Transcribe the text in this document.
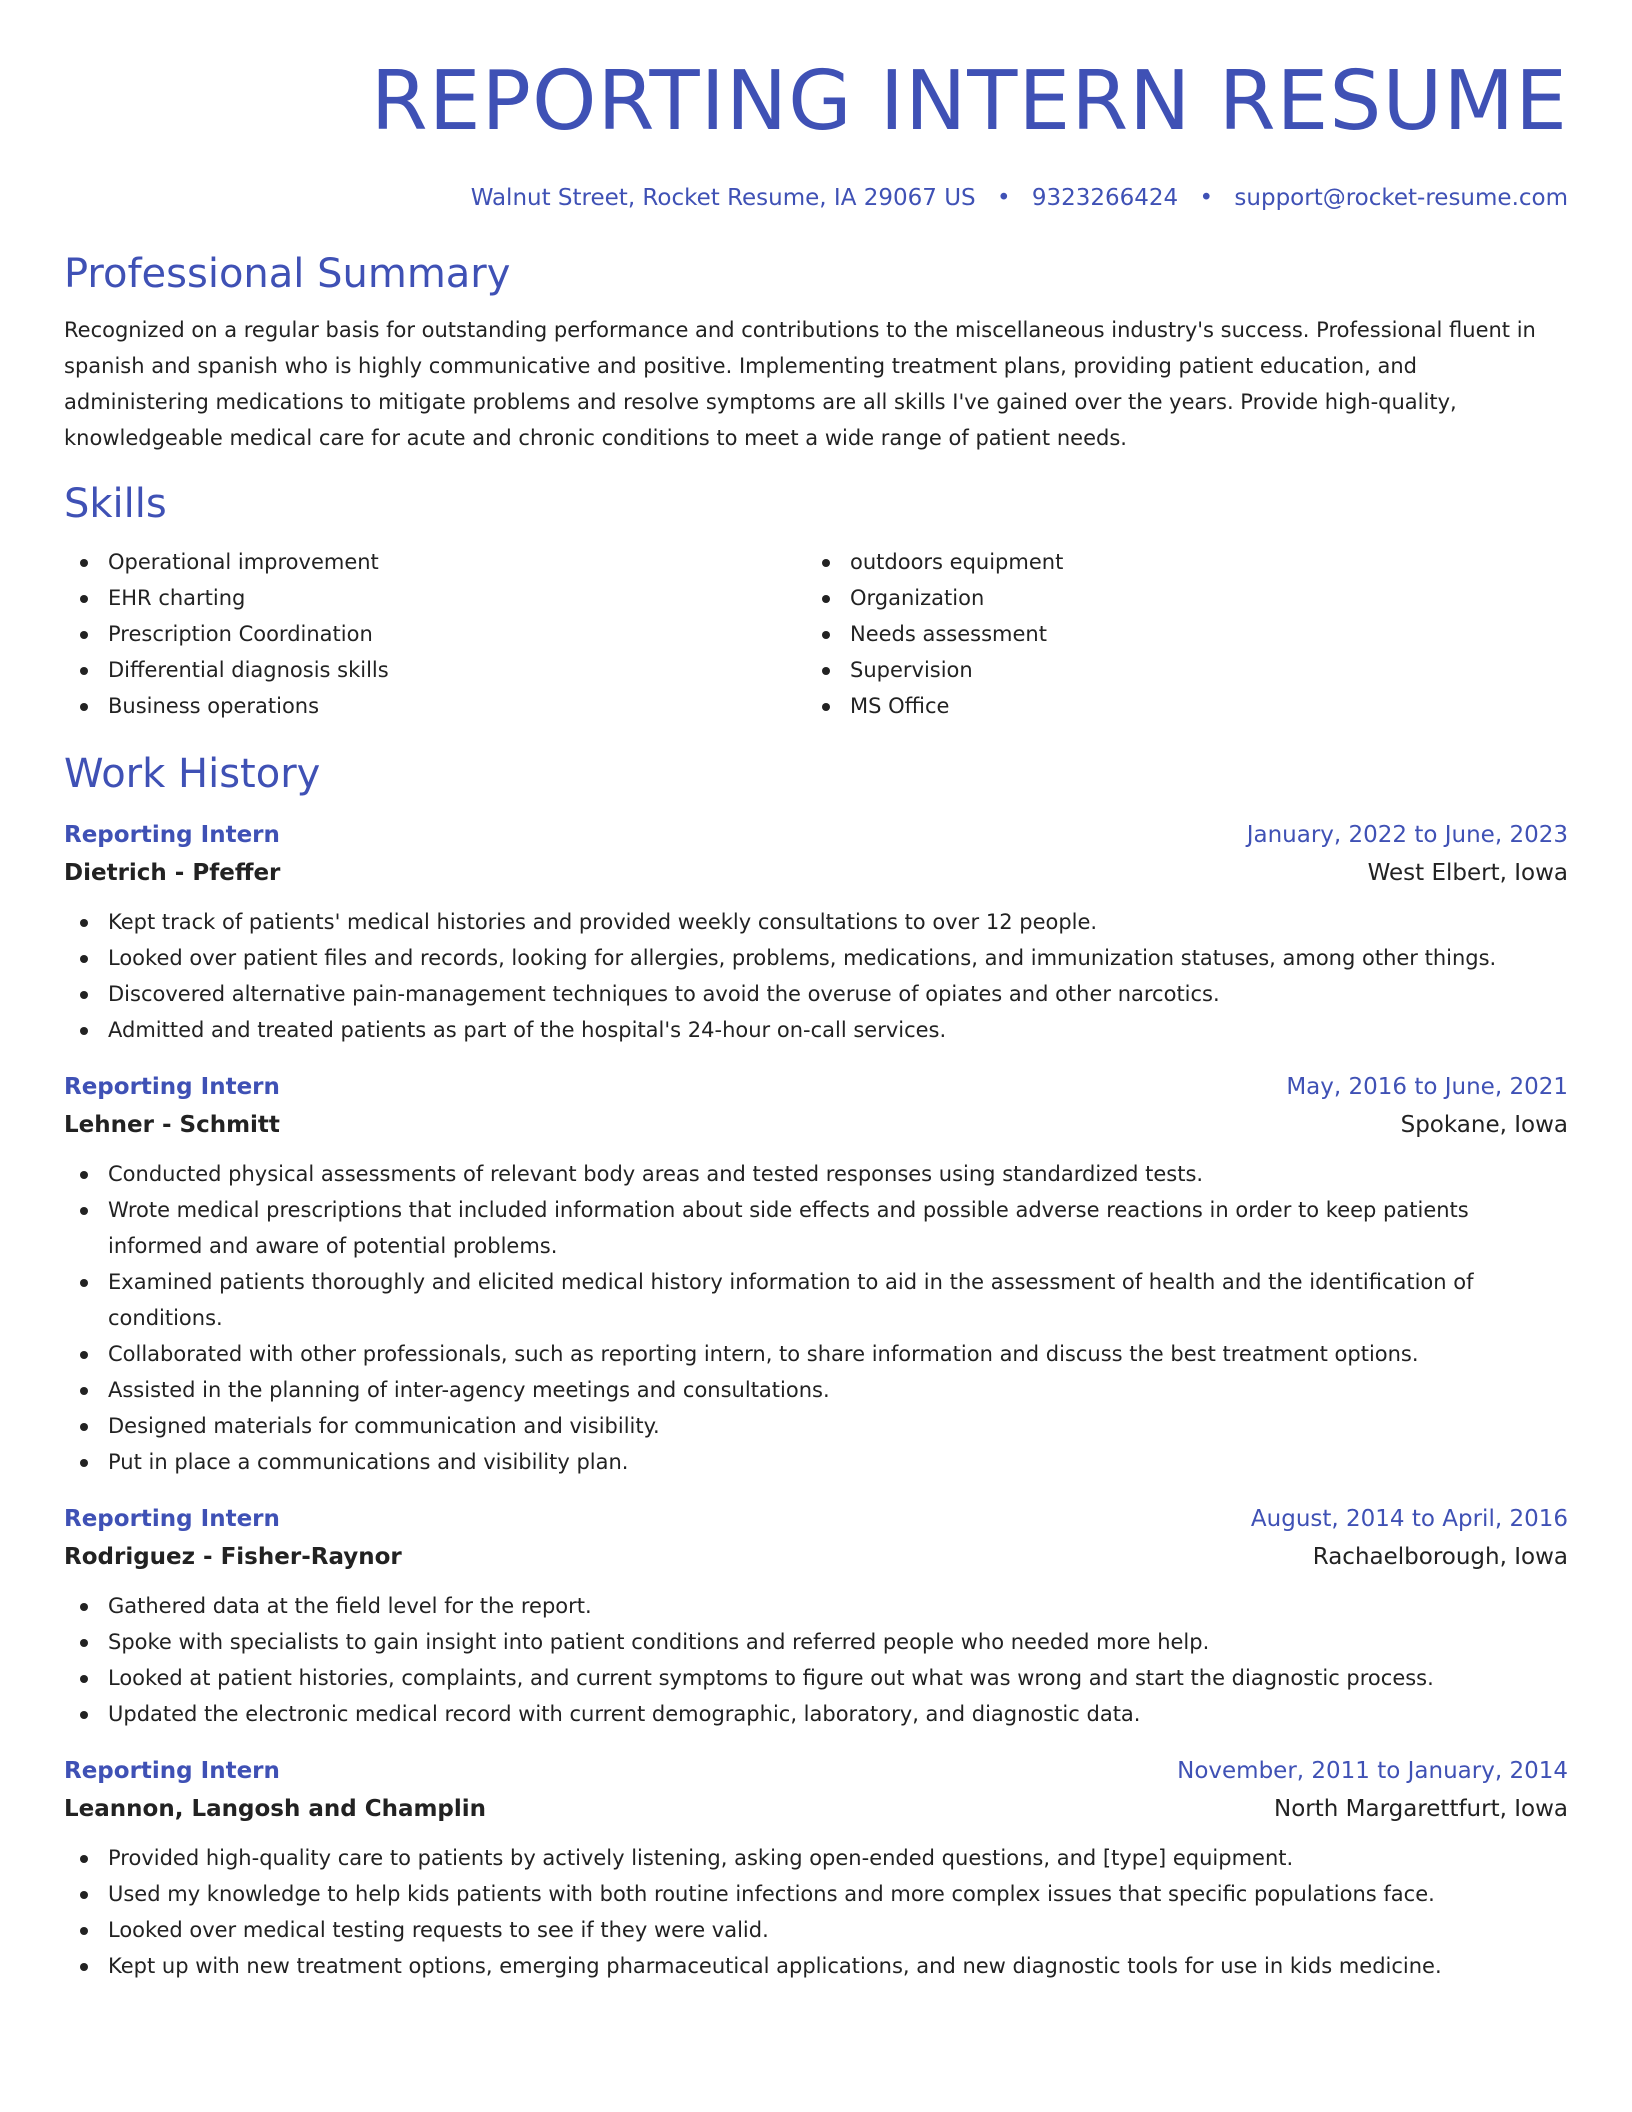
REPORTING INTERN RESUME
Walnut Street, Rocket Resume, IA 29067 US • 9323266424 • support@rocket-resume.com
Professional Summary
Recognized on a regular basis for outstanding performance and contributions to the miscellaneous industry's success. Professional fluent in spanish and spanish who is highly communicative and positive. Implementing treatment plans, providing patient education, and administering medications to mitigate problems and resolve symptoms are all skills I've gained over the years. Provide high-quality, knowledgeable medical care for acute and chronic conditions to meet a wide range of patient needs.
Skills
Operational improvement
EHR charting
Prescription Coordination
Differential diagnosis skills
Business operations
outdoors equipment
Organization
Needs assessment
Supervision
MS Office
Work History
Reporting Intern	January, 2022 to June, 2023
Dietrich - Pfeffer	West Elbert, Iowa
Kept track of patients' medical histories and provided weekly consultations to over 12 people.
Looked over patient files and records, looking for allergies, problems, medications, and immunization statuses, among other things.
Discovered alternative pain-management techniques to avoid the overuse of opiates and other narcotics.
Admitted and treated patients as part of the hospital's 24-hour on-call services.
Reporting Intern	May, 2016 to June, 2021
Lehner - Schmitt	Spokane, Iowa
Conducted physical assessments of relevant body areas and tested responses using standardized tests.
Wrote medical prescriptions that included information about side effects and possible adverse reactions in order to keep patients informed and aware of potential problems.
Examined patients thoroughly and elicited medical history information to aid in the assessment of health and the identification of conditions.
Collaborated with other professionals, such as reporting intern, to share information and discuss the best treatment options.
Assisted in the planning of inter-agency meetings and consultations.
Designed materials for communication and visibility.
Put in place a communications and visibility plan.
Reporting Intern	August, 2014 to April, 2016
Rodriguez - Fisher-Raynor	Rachaelborough, Iowa
Gathered data at the field level for the report.
Spoke with specialists to gain insight into patient conditions and referred people who needed more help.
Looked at patient histories, complaints, and current symptoms to figure out what was wrong and start the diagnostic process.
Updated the electronic medical record with current demographic, laboratory, and diagnostic data.
Reporting Intern	November, 2011 to January, 2014
Leannon, Langosh and Champlin	North Margarettfurt, Iowa
Provided high-quality care to patients by actively listening, asking open-ended questions, and [type] equipment.
Used my knowledge to help kids patients with both routine infections and more complex issues that specific populations face.
Looked over medical testing requests to see if they were valid.
Kept up with new treatment options, emerging pharmaceutical applications, and new diagnostic tools for use in kids medicine.
